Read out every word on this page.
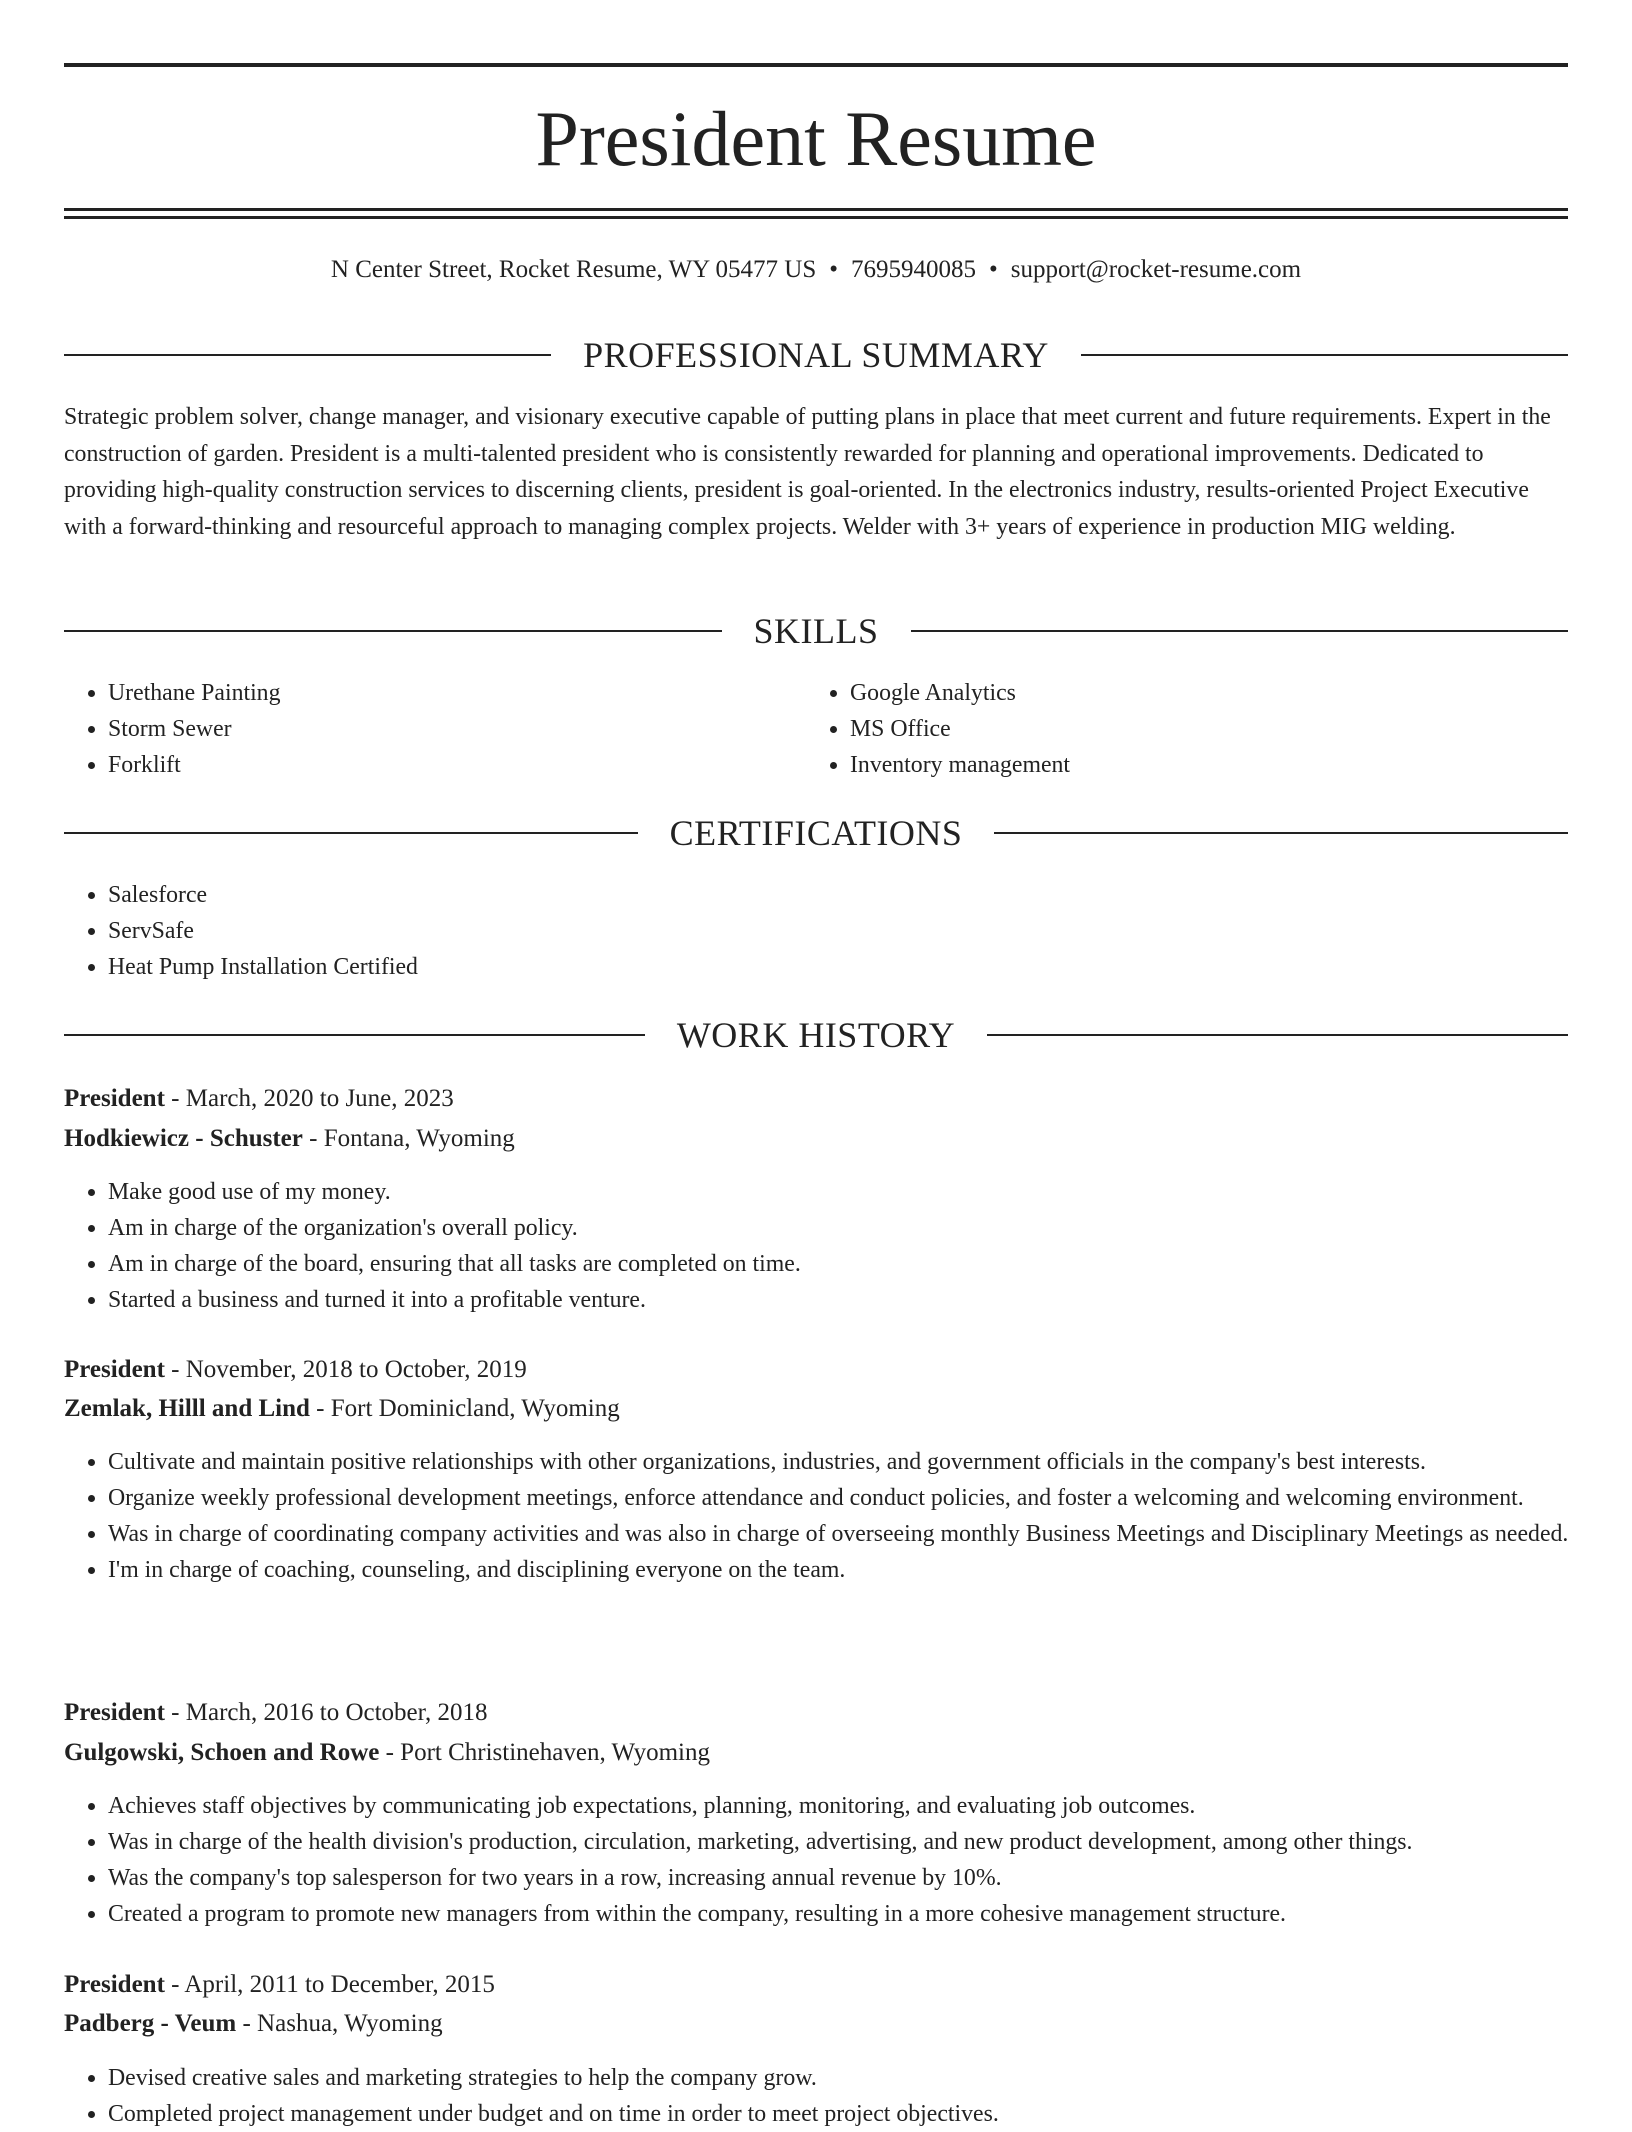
President Resume
N Center Street, Rocket Resume, WY 05477 US • 7695940085 • support@rocket-resume.com
PROFESSIONAL SUMMARY

Strategic problem solver, change manager, and visionary executive capable of putting plans in place that meet current and future requirements. Expert in the construction of garden. President is a multi-talented president who is consistently rewarded for planning and operational improvements. Dedicated to providing high-quality construction services to discerning clients, president is goal-oriented. In the electronics industry, results-oriented Project Executive with a forward-thinking and resourceful approach to managing complex projects. Welder with 3+ years of experience in production MIG welding.

SKILLS
• Urethane Painting
• Storm Sewer
• Forklift
• Google Analytics
• MS Office
• Inventory management
CERTIFICATIONS
• Salesforce
• ServSafe
• Heat Pump Installation Certified
WORK HISTORY
President - March, 2020 to June, 2023
Hodkiewicz - Schuster - Fontana, Wyoming
• Make good use of my money.
• Am in charge of the organization's overall policy.
• Am in charge of the board, ensuring that all tasks are completed on time.
• Started a business and turned it into a profitable venture.
President - November, 2018 to October, 2019
Zemlak, Hilll and Lind - Fort Dominicland, Wyoming
• Cultivate and maintain positive relationships with other organizations, industries, and government officials in the company's best interests.
• Organize weekly professional development meetings, enforce attendance and conduct policies, and foster a welcoming and welcoming environment.
• Was in charge of coordinating company activities and was also in charge of overseeing monthly Business Meetings and Disciplinary Meetings as needed.
• I'm in charge of coaching, counseling, and disciplining everyone on the team.
President - March, 2016 to October, 2018
Gulgowski, Schoen and Rowe - Port Christinehaven, Wyoming
• Achieves staff objectives by communicating job expectations, planning, monitoring, and evaluating job outcomes.
• Was in charge of the health division's production, circulation, marketing, advertising, and new product development, among other things.
• Was the company's top salesperson for two years in a row, increasing annual revenue by 10%.
• Created a program to promote new managers from within the company, resulting in a more cohesive management structure.
President - April, 2011 to December, 2015
Padberg - Veum - Nashua, Wyoming
• Devised creative sales and marketing strategies to help the company grow.
• Completed project management under budget and on time in order to meet project objectives.
